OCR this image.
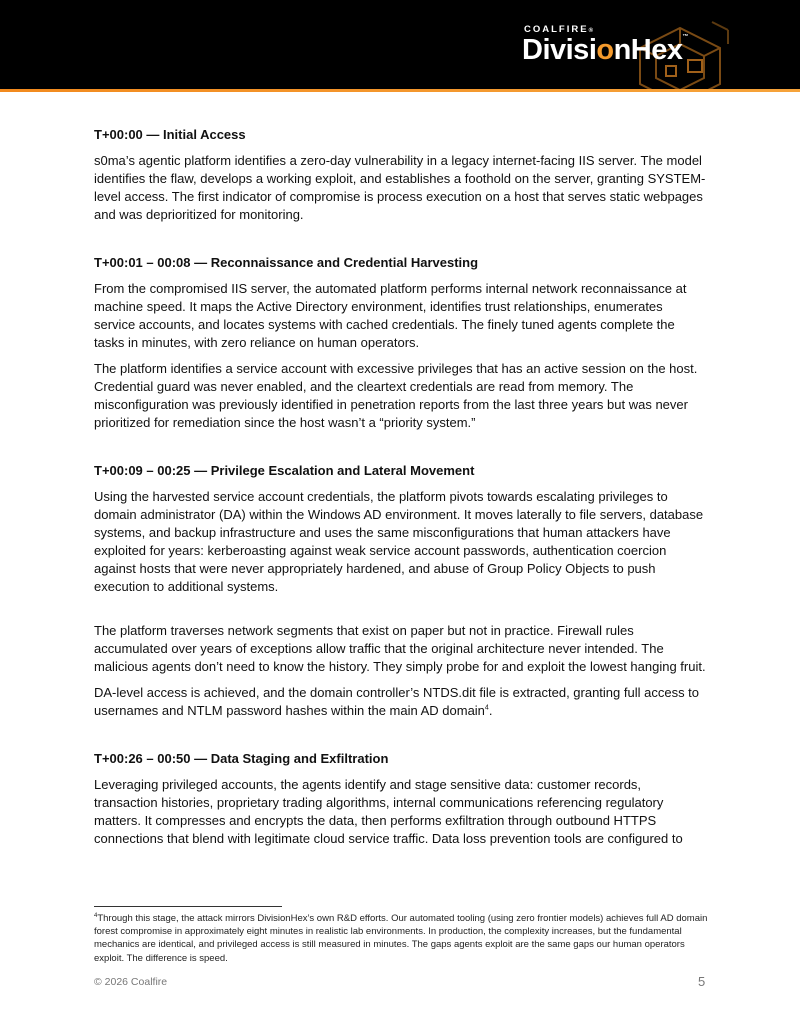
COALFIRE®
DivisionHex™
T+00:00 — Initial Access

s0ma’s agentic platform identifies a zero-day vulnerability in a legacy internet-facing IIS server. The model identifies the flaw, develops a working exploit, and establishes a foothold on the server, granting SYSTEM-level access. The first indicator of compromise is process execution on a host that serves static webpages and was deprioritized for monitoring.

T+00:01 – 00:08 — Reconnaissance and Credential Harvesting

From the compromised IIS server, the automated platform performs internal network reconnaissance at machine speed. It maps the Active Directory environment, identifies trust relationships, enumerates service accounts, and locates systems with cached credentials. The finely tuned agents complete the tasks in minutes, with zero reliance on human operators.

The platform identifies a service account with excessive privileges that has an active session on the host. Credential guard was never enabled, and the cleartext credentials are read from memory. The misconfiguration was previously identified in penetration reports from the last three years but was never prioritized for remediation since the host wasn’t a “priority system.”

T+00:09 – 00:25 — Privilege Escalation and Lateral Movement

Using the harvested service account credentials, the platform pivots towards escalating privileges to domain administrator (DA) within the Windows AD environment. It moves laterally to file servers, database systems, and backup infrastructure and uses the same misconfigurations that human attackers have exploited for years: kerberoasting against weak service account passwords, authentication coercion against hosts that were never appropriately hardened, and abuse of Group Policy Objects to push execution to additional systems.

The platform traverses network segments that exist on paper but not in practice. Firewall rules accumulated over years of exceptions allow traffic that the original architecture never intended. The malicious agents don’t need to know the history. They simply probe for and exploit the lowest hanging fruit.

DA-level access is achieved, and the domain controller’s NTDS.dit file is extracted, granting full access to usernames and NTLM password hashes within the main AD domain$^4$.

T+00:26 – 00:50 — Data Staging and Exfiltration

Leveraging privileged accounts, the agents identify and stage sensitive data: customer records, transaction histories, proprietary trading algorithms, internal communications referencing regulatory matters. It compresses and encrypts the data, then performs exfiltration through outbound HTTPS connections that blend with legitimate cloud service traffic. Data loss prevention tools are configured to

$^4$Through this stage, the attack mirrors DivisionHex’s own R&D efforts. Our automated tooling (using zero frontier models) achieves full AD domain forest compromise in approximately eight minutes in realistic lab environments. In production, the complexity increases, but the fundamental mechanics are identical, and privileged access is still measured in minutes. The gaps agents exploit are the same gaps our human operators exploit. The difference is speed.
© 2026 Coalfire	5
